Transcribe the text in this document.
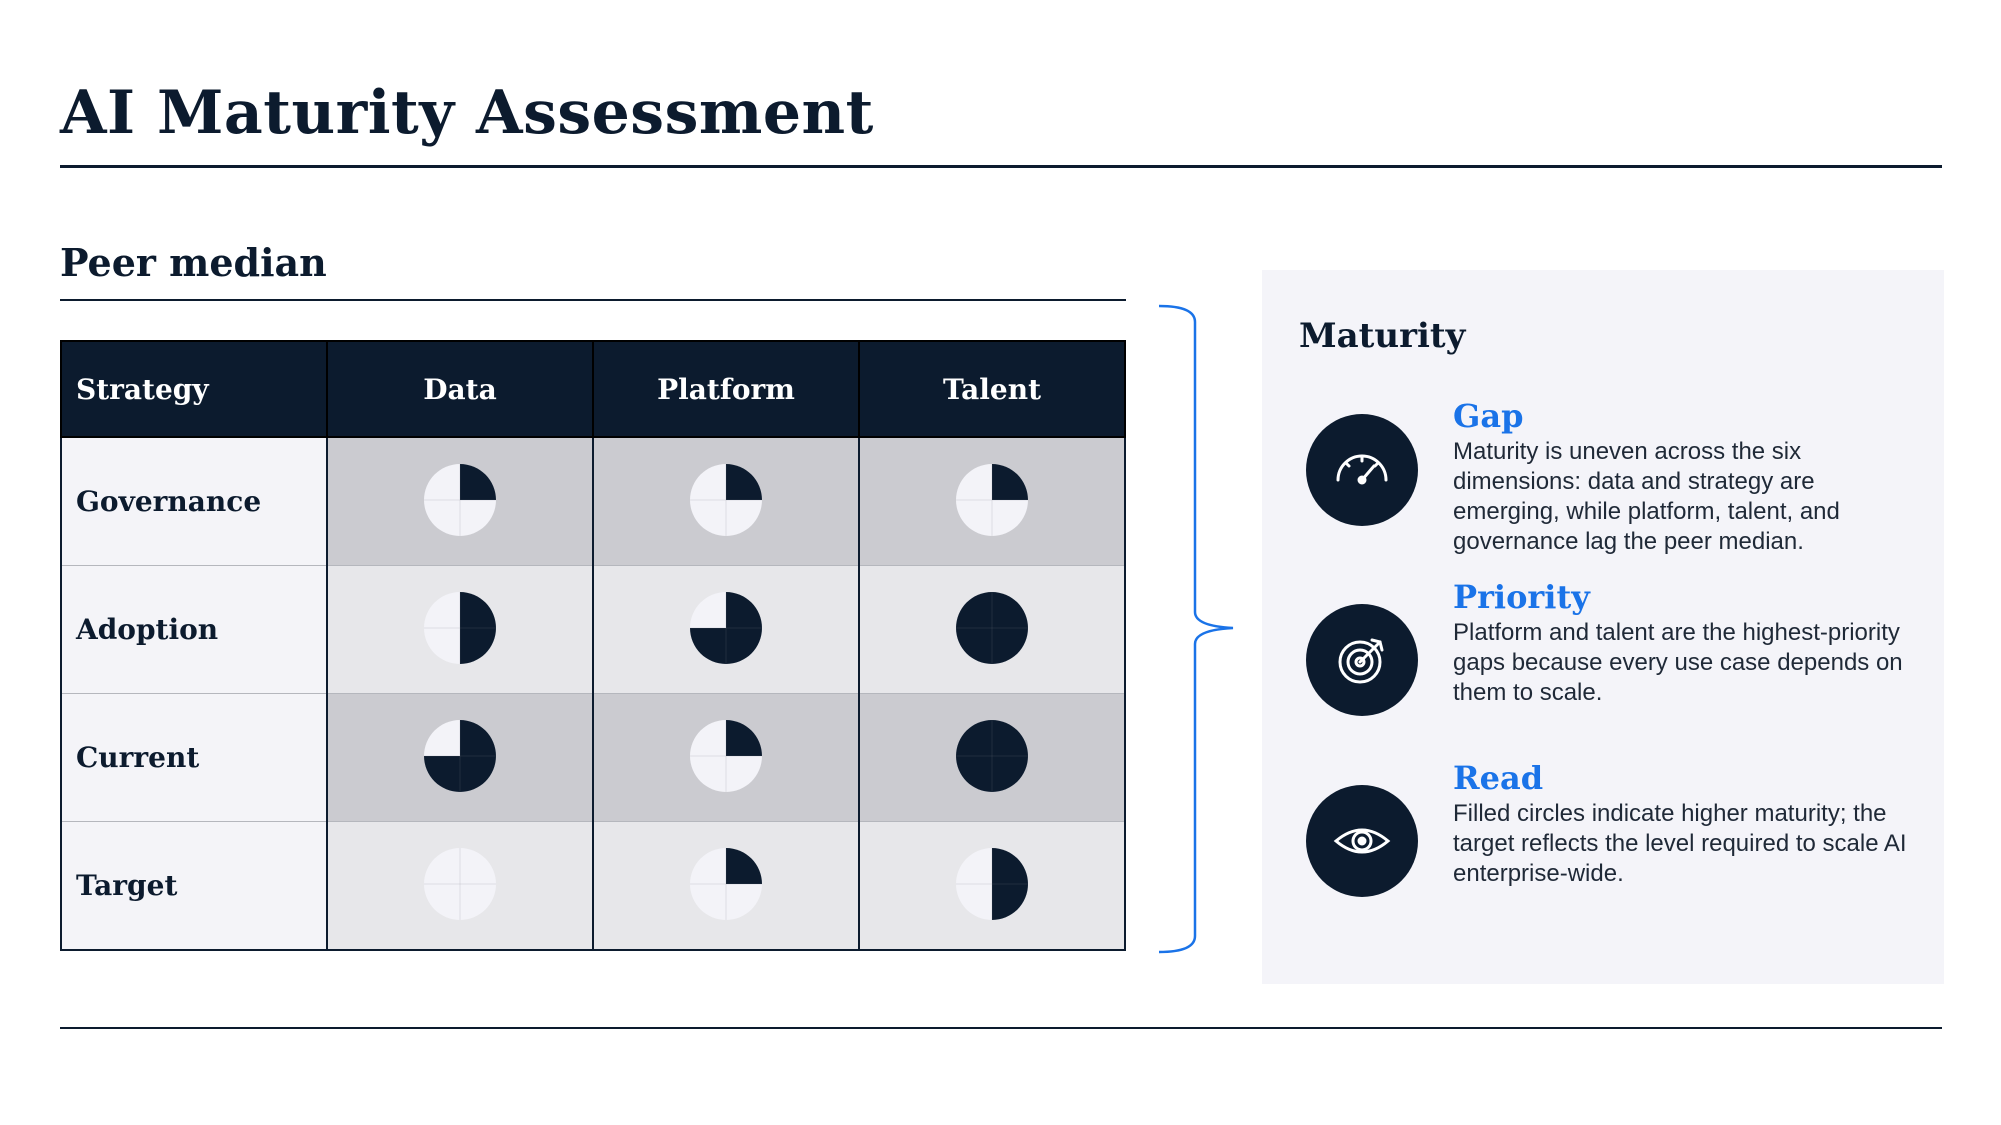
AI Maturity Assessment
Peer median
Strategy	Data	Platform	Talent
Governance			
Adoption			
Current			
Target			
Maturity
Gap

Maturity is uneven across the six dimensions: data and strategy are emerging, while platform, talent, and governance lag the peer median.

Priority

Platform and talent are the highest-priority gaps because every use case depends on them to scale.

Read

Filled circles indicate higher maturity; the target reflects the level required to scale AI enterprise-wide.
